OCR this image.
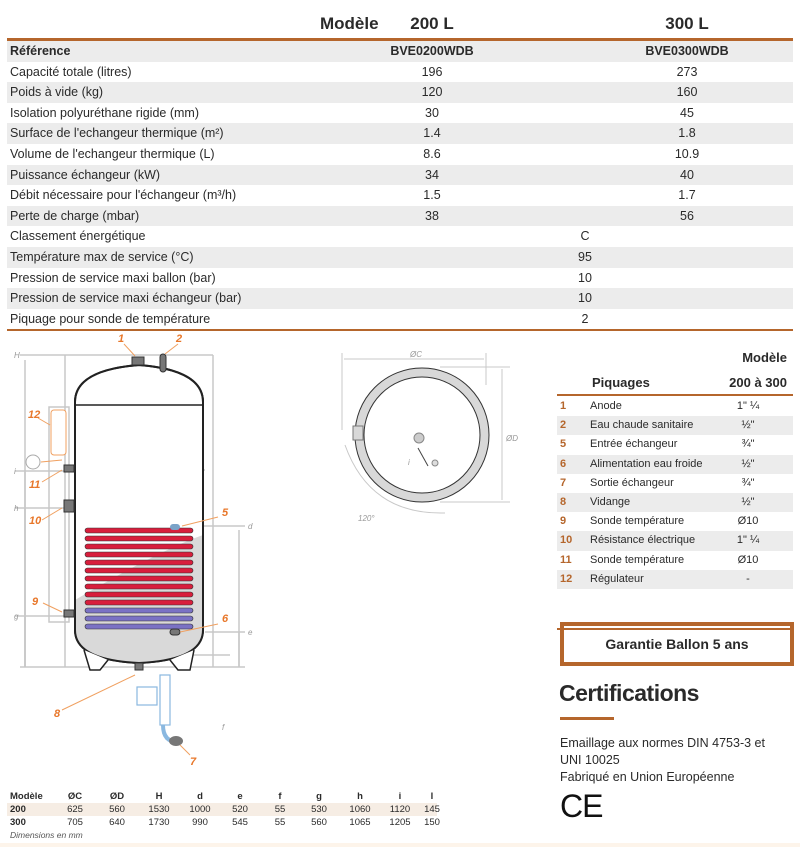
Modèle 200 L	300 L
Référence	BVE0200WDB	BVE0300WDB
Capacité totale (litres)	196	273
Poids à vide (kg)	120	160
Isolation polyuréthane rigide (mm)	30	45
Surface de l'echangeur thermique (m²)	1.4	1.8
Volume de l'echangeur thermique (L)	8.6	10.9
Puissance échangeur (kW)	34	40
Débit nécessaire pour l'échangeur (m³/h)	1.5	1.7
Perte de charge (mbar)	38	56
Classement énergétique	C
Température max de service (°C)	95
Pression de service maxi ballon (bar)	10
Pression de service maxi échangeur (bar)	10
Piquage pour sonde de température	2
1	2
5
6
7
8
9
10
11
12
H
i
h
g
d
e
f
ØC
ØD
i
120°
Modèle
Piquages	200 à 300
1 Anode	1" ¼
2 Eau chaude sanitaire	½"
5 Entrée échangeur	¾"
6 Alimentation eau froide	½"
7 Sortie échangeur	¾"
8 Vidange	½"
9 Sonde température	Ø10
10 Résistance électrique	1" ¼
11 Sonde température	Ø10
12 Régulateur	-
Garantie Ballon 5 ans
Certifications
Emaillage aux normes DIN 4753-3 et
UNI 10025
Fabriqué en Union Européenne
CE
Modèle	ØC	ØD	H	d	e	f	g	h	i	l
200	625	560	1530	1000	520	55	530	1060	1120	145
300	705	640	1730	990	545	55	560	1065	1205	150
Dimensions en mm
